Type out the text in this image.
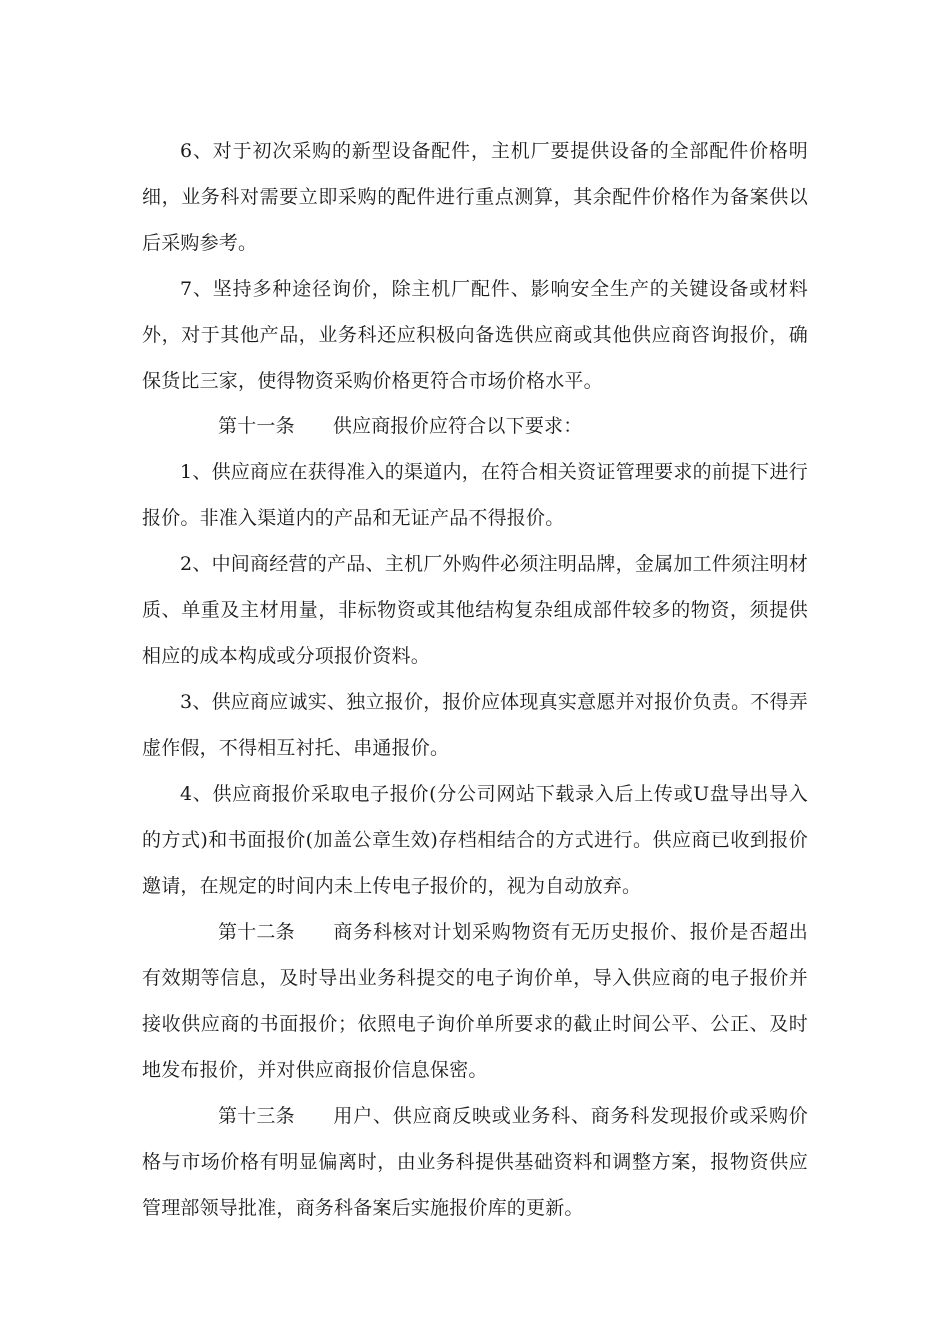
6、对于初次采购的新型设备配件，主机厂要提供设备的全部配件价格明细，业务科对需要立即采购的配件进行重点测算，其余配件价格作为备案供以后采购参考。

7、坚持多种途径询价，除主机厂配件、影响安全生产的关键设备或材料外，对于其他产品，业务科还应积极向备选供应商或其他供应商咨询报价，确保货比三家，使得物资采购价格更符合市场价格水平。

第十一条 供应商报价应符合以下要求：

1、供应商应在获得准入的渠道内，在符合相关资证管理要求的前提下进行报价。非准入渠道内的产品和无证产品不得报价。

2、中间商经营的产品、主机厂外购件必须注明品牌，金属加工件须注明材质、单重及主材用量，非标物资或其他结构复杂组成部件较多的物资，须提供相应的成本构成或分项报价资料。

3、供应商应诚实、独立报价，报价应体现真实意愿并对报价负责。不得弄虚作假，不得相互衬托、串通报价。

4、供应商报价采取电子报价(分公司网站下载录入后上传或U盘导出导入的方式)和书面报价(加盖公章生效)存档相结合的方式进行。供应商已收到报价邀请，在规定的时间内未上传电子报价的，视为自动放弃。

第十二条 商务科核对计划采购物资有无历史报价、报价是否超出有效期等信息，及时导出业务科提交的电子询价单，导入供应商的电子报价并接收供应商的书面报价；依照电子询价单所要求的截止时间公平、公正、及时地发布报价，并对供应商报价信息保密。

第十三条 用户、供应商反映或业务科、商务科发现报价或采购价格与市场价格有明显偏离时，由业务科提供基础资料和调整方案，报物资供应管理部领导批准，商务科备案后实施报价库的更新。
